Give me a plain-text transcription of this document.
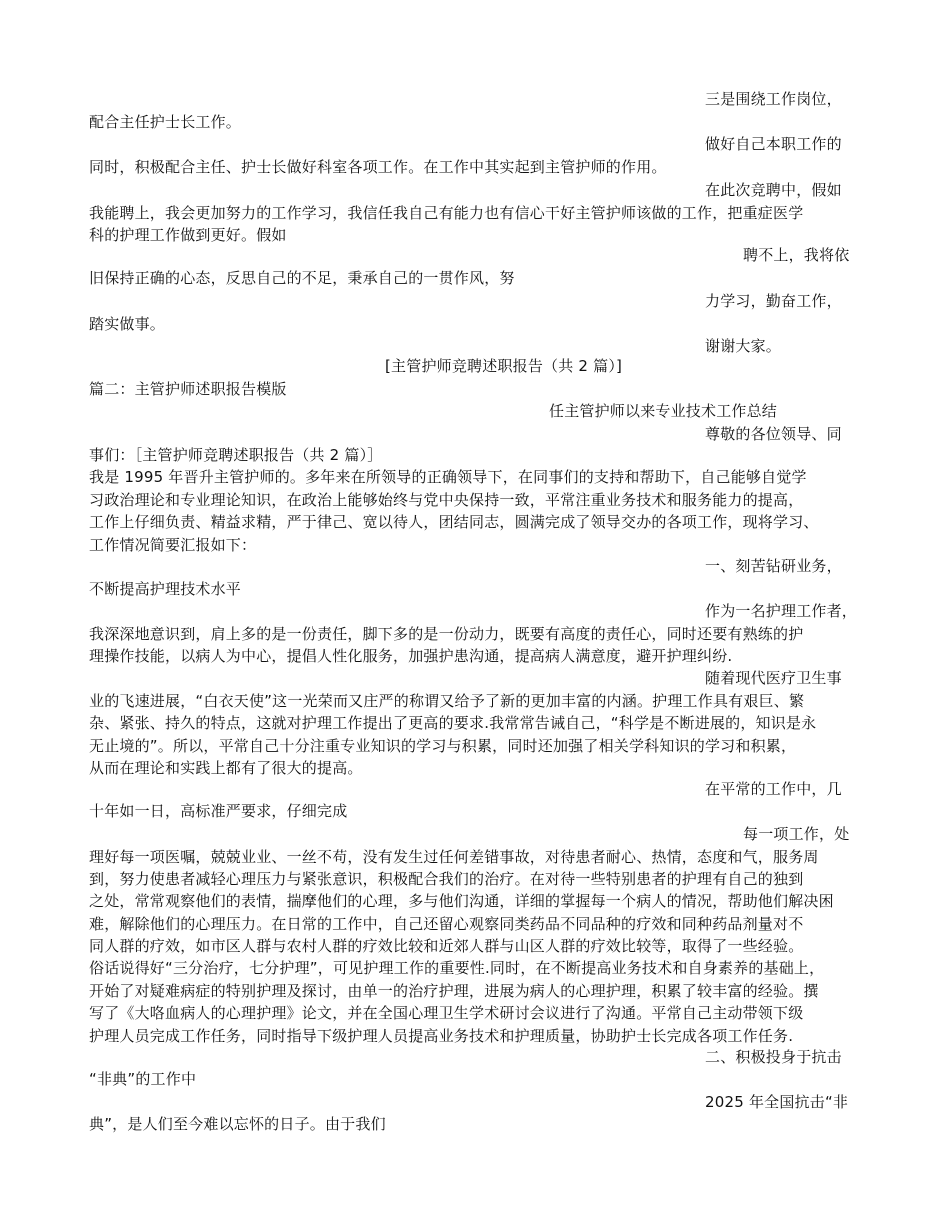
三是围绕工作岗位，
配合主任护士长工作。
做好自己本职工作的
同时，积极配合主任、护士长做好科室各项工作。在工作中其实起到主管护师的作用。
在此次竞聘中，假如
我能聘上，我会更加努力的工作学习，我信任我自己有能力也有信心干好主管护师该做的工作，把重症医学
科的护理工作做到更好。假如
聘不上，我将依
旧保持正确的心态，反思自己的不足，秉承自己的一贯作风，努
力学习，勤奋工作，
踏实做事。
谢谢大家。
[主管护师竞聘述职报告（共 2 篇）]
篇二：主管护师述职报告模版
任主管护师以来专业技术工作总结
尊敬的各位领导、同
事们：［主管护师竞聘述职报告（共 2 篇）］
我是 1995 年晋升主管护师的。多年来在所领导的正确领导下，在同事们的支持和帮助下，自己能够自觉学
习政治理论和专业理论知识，在政治上能够始终与党中央保持一致，平常注重业务技术和服务能力的提高，
工作上仔细负责、精益求精，严于律己、宽以待人，团结同志，圆满完成了领导交办的各项工作，现将学习、
工作情况简要汇报如下：
一、刻苦钻研业务，
不断提高护理技术水平
作为一名护理工作者，
我深深地意识到，肩上多的是一份责任，脚下多的是一份动力，既要有高度的责任心，同时还要有熟练的护
理操作技能，以病人为中心，提倡人性化服务，加强护患沟通，提高病人满意度，避开护理纠纷.
随着现代医疗卫生事
业的飞速进展，“白衣天使”这一光荣而又庄严的称谓又给予了新的更加丰富的内涵。护理工作具有艰巨、繁
杂、紧张、持久的特点，这就对护理工作提出了更高的要求.我常常告诫自己，“科学是不断进展的，知识是永
无止境的”。所以，平常自己十分注重专业知识的学习与积累，同时还加强了相关学科知识的学习和积累，
从而在理论和实践上都有了很大的提高。
在平常的工作中，几
十年如一日，高标准严要求，仔细完成
每一项工作，处
理好每一项医嘱，兢兢业业、一丝不苟，没有发生过任何差错事故，对待患者耐心、热情，态度和气，服务周
到，努力使患者减轻心理压力与紧张意识，积极配合我们的治疗。在对待一些特别患者的护理有自己的独到
之处，常常观察他们的表情，揣摩他们的心理，多与他们沟通，详细的掌握每一个病人的情况，帮助他们解决困
难，解除他们的心理压力。在日常的工作中，自己还留心观察同类药品不同品种的疗效和同种药品剂量对不
同人群的疗效，如市区人群与农村人群的疗效比较和近郊人群与山区人群的疗效比较等，取得了一些经验。
俗话说得好“三分治疗，七分护理”，可见护理工作的重要性.同时，在不断提高业务技术和自身素养的基础上，
开始了对疑难病症的特别护理及探讨，由单一的治疗护理，进展为病人的心理护理，积累了较丰富的经验。撰
写了《大咯血病人的心理护理》论文，并在全国心理卫生学术研讨会议进行了沟通。平常自己主动带领下级
护理人员完成工作任务，同时指导下级护理人员提高业务技术和护理质量，协助护士长完成各项工作任务.
二、积极投身于抗击
“非典”的工作中
2025 年全国抗击“非
典”，是人们至今难以忘怀的日子。由于我们
